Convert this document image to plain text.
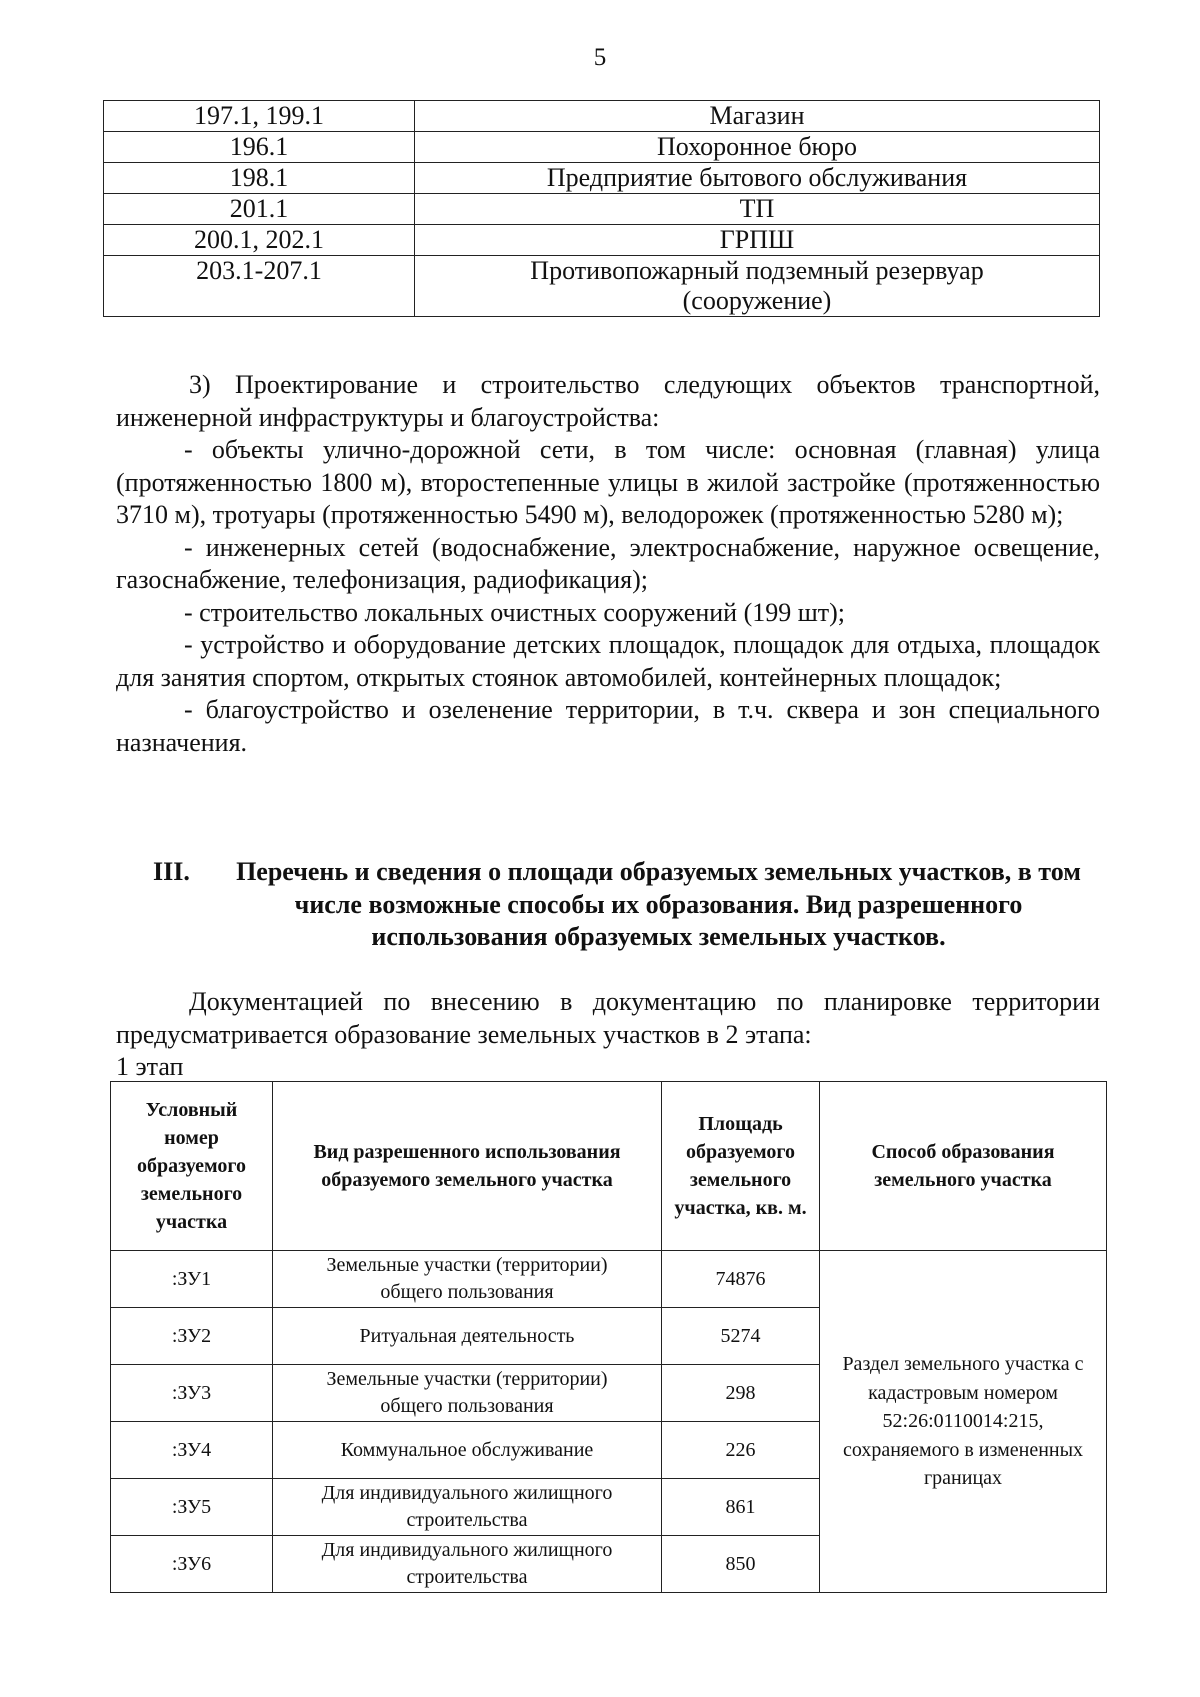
5
197.1, 199.1	Магазин
196.1	Похоронное бюро
198.1	Предприятие бытового обслуживания
201.1	ТП
200.1, 202.1	ГРПШ
203.1-207.1	Противопожарный подземный резервуар (сооружение)

3) Проектирование и строительство следующих объектов транспортной, инженерной инфраструктуры и благоустройства:

- объекты улично-дорожной сети, в том числе: основная (главная) улица (протяженностью 1800 м), второстепенные улицы в жилой застройке (протяженностью 3710 м), тротуары (протяженностью 5490 м), велодорожек (протяженностью 5280 м);

- инженерных сетей (водоснабжение, электроснабжение, наружное освещение, газоснабжение, телефонизация, радиофикация);

- строительство локальных очистных сооружений (199 шт);

- устройство и оборудование детских площадок, площадок для отдыха, площадок для занятия спортом, открытых стоянок автомобилей, контейнерных площадок;

- благоустройство и озеленение территории, в т.ч. сквера и зон специального назначения.

III.	Перечень и сведения о площади образуемых земельных участков, в том числе возможные способы их образования. Вид разрешенного использования образуемых земельных участков.

Документацией по внесению в документацию по планировке территории предусматривается образование земельных участков в 2 этапа:

1 этап

Условный номер образуемого земельного участка	Вид разрешенного использования образуемого земельного участка	Площадь образуемого земельного участка, кв. м.	Способ образования земельного участка
:ЗУ1	Земельные участки (территории) общего пользования	74876	Раздел земельного участка с кадастровым номером 52:26:0110014:215, сохраняемого в измененных границах
:ЗУ2	Ритуальная деятельность	5274	
:ЗУ3	Земельные участки (территории) общего пользования	298	
:ЗУ4	Коммунальное обслуживание	226	
:ЗУ5	Для индивидуального жилищного строительства	861	
:ЗУ6	Для индивидуального жилищного строительства	850	
